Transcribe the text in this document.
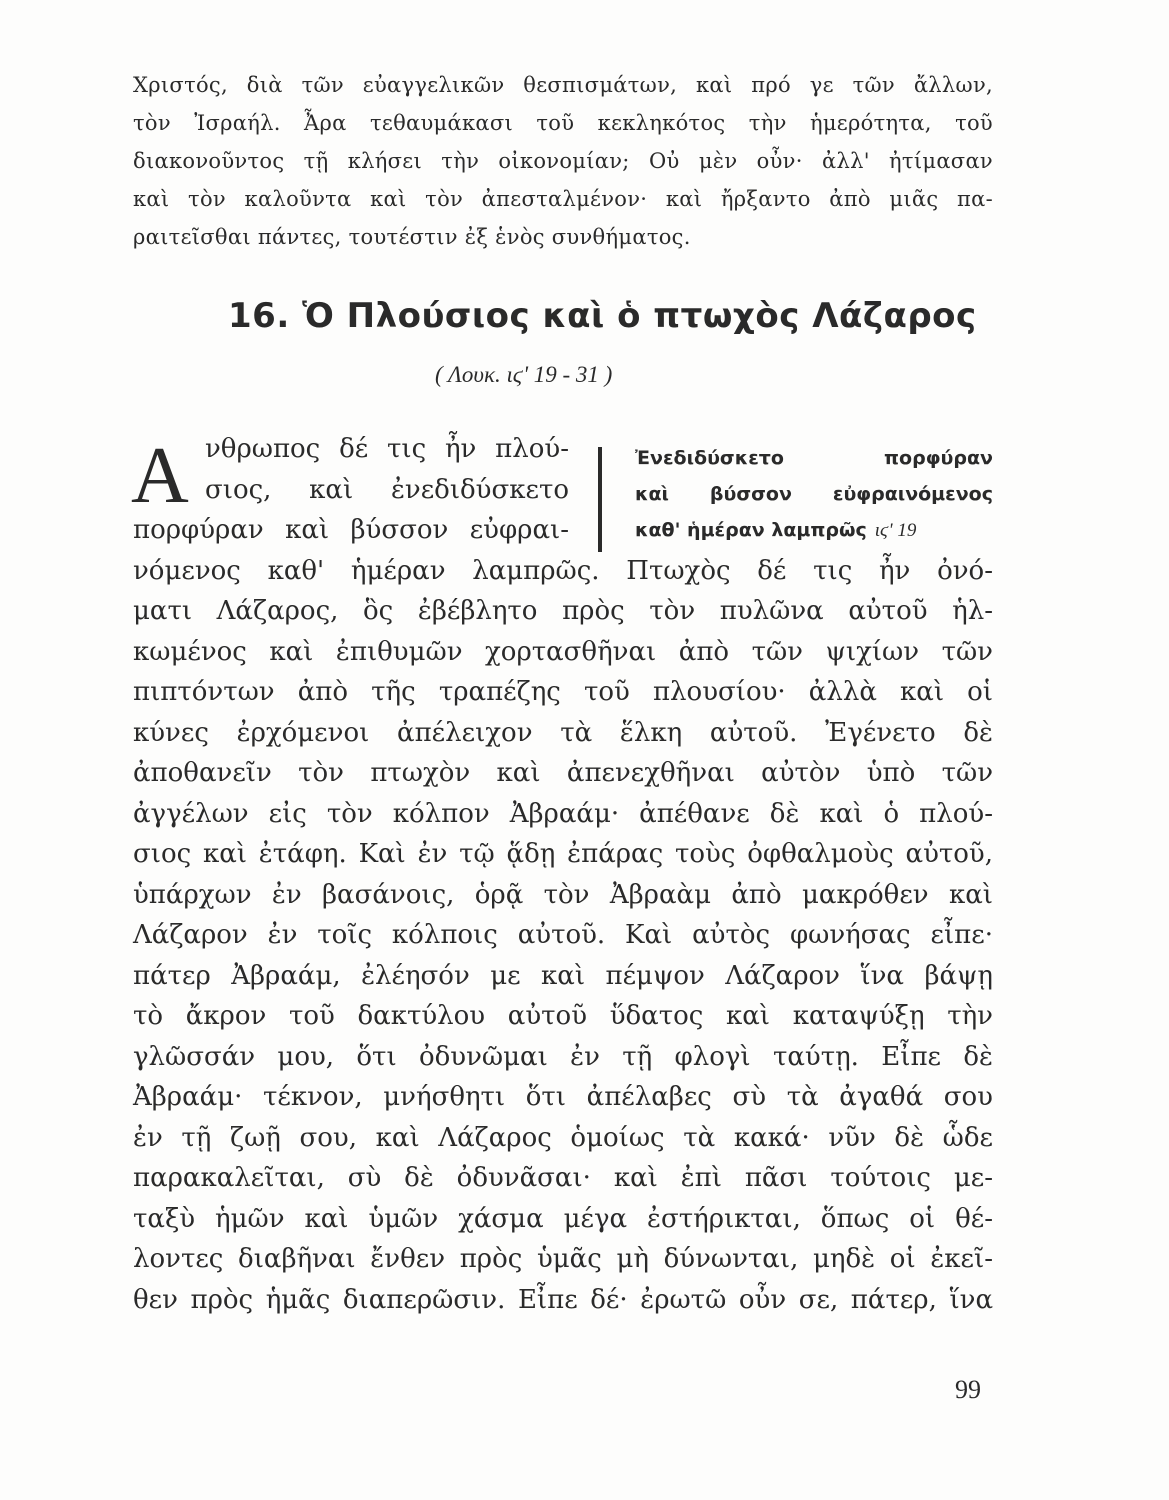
Χριστός, διὰ τῶν εὐαγγελικῶν θεσπισμάτων, καὶ πρό γε τῶν ἄλλων,
τὸν Ἰσραήλ. Ἆρα τεθαυμάκασι τοῦ κεκληκότος τὴν ἡμερότητα, τοῦ
διακονοῦντος τῇ κλήσει τὴν οἰκονομίαν; Οὐ μὲν οὖν· ἀλλ' ἠτίμασαν
καὶ τὸν καλοῦντα καὶ τὸν ἀπεσταλμένον· καὶ ἤρξαντο ἀπὸ μιᾶς πα-
ραιτεῖσθαι πάντες, τουτέστιν ἐξ ἑνὸς συνθήματος.
16. Ὁ Πλούσιος καὶ ὁ πτωχὸς Λάζαρος
( Λουκ. ιϛ' 19 - 31 )
Α	Ἐνεδιδύσκετο πορφύραν
καὶ βύσσον εὐφραινόμενος
καθ' ἡμέραν λαμπρῶς ιϛ' 19
νθρωπος δέ τις ἦν πλού-
σιος, καὶ ἐνεδιδύσκετο
πορφύραν καὶ βύσσον εὐφραι-
νόμενος καθ' ἡμέραν λαμπρῶς. Πτωχὸς δέ τις ἦν ὀνό-
ματι Λάζαρος, ὃς ἐβέβλητο πρὸς τὸν πυλῶνα αὐτοῦ ἡλ-
κωμένος καὶ ἐπιθυμῶν χορτασθῆναι ἀπὸ τῶν ψιχίων τῶν
πιπτόντων ἀπὸ τῆς τραπέζης τοῦ πλουσίου· ἀλλὰ καὶ οἱ
κύνες ἐρχόμενοι ἀπέλειχον τὰ ἕλκη αὐτοῦ. Ἐγένετο δὲ
ἀποθανεῖν τὸν πτωχὸν καὶ ἀπενεχθῆναι αὐτὸν ὑπὸ τῶν
ἀγγέλων εἰς τὸν κόλπον Ἀβραάμ· ἀπέθανε δὲ καὶ ὁ πλού-
σιος καὶ ἐτάφη. Καὶ ἐν τῷ ᾅδῃ ἐπάρας τοὺς ὀφθαλμοὺς αὐτοῦ,
ὑπάρχων ἐν βασάνοις, ὁρᾷ τὸν Ἀβραὰμ ἀπὸ μακρόθεν καὶ
Λάζαρον ἐν τοῖς κόλποις αὐτοῦ. Καὶ αὐτὸς φωνήσας εἶπε·
πάτερ Ἀβραάμ, ἐλέησόν με καὶ πέμψον Λάζαρον ἵνα βάψῃ
τὸ ἄκρον τοῦ δακτύλου αὐτοῦ ὕδατος καὶ καταψύξῃ τὴν
γλῶσσάν μου, ὅτι ὀδυνῶμαι ἐν τῇ φλογὶ ταύτῃ. Εἶπε δὲ
Ἀβραάμ· τέκνον, μνήσθητι ὅτι ἀπέλαβες σὺ τὰ ἀγαθά σου
ἐν τῇ ζωῇ σου, καὶ Λάζαρος ὁμοίως τὰ κακά· νῦν δὲ ὧδε
παρακαλεῖται, σὺ δὲ ὀδυνᾶσαι· καὶ ἐπὶ πᾶσι τούτοις με-
ταξὺ ἡμῶν καὶ ὑμῶν χάσμα μέγα ἐστήρικται, ὅπως οἱ θέ-
λοντες διαβῆναι ἔνθεν πρὸς ὑμᾶς μὴ δύνωνται, μηδὲ οἱ ἐκεῖ-
θεν πρὸς ἡμᾶς διαπερῶσιν. Εἶπε δέ· ἐρωτῶ οὖν σε, πάτερ, ἵνα
99
